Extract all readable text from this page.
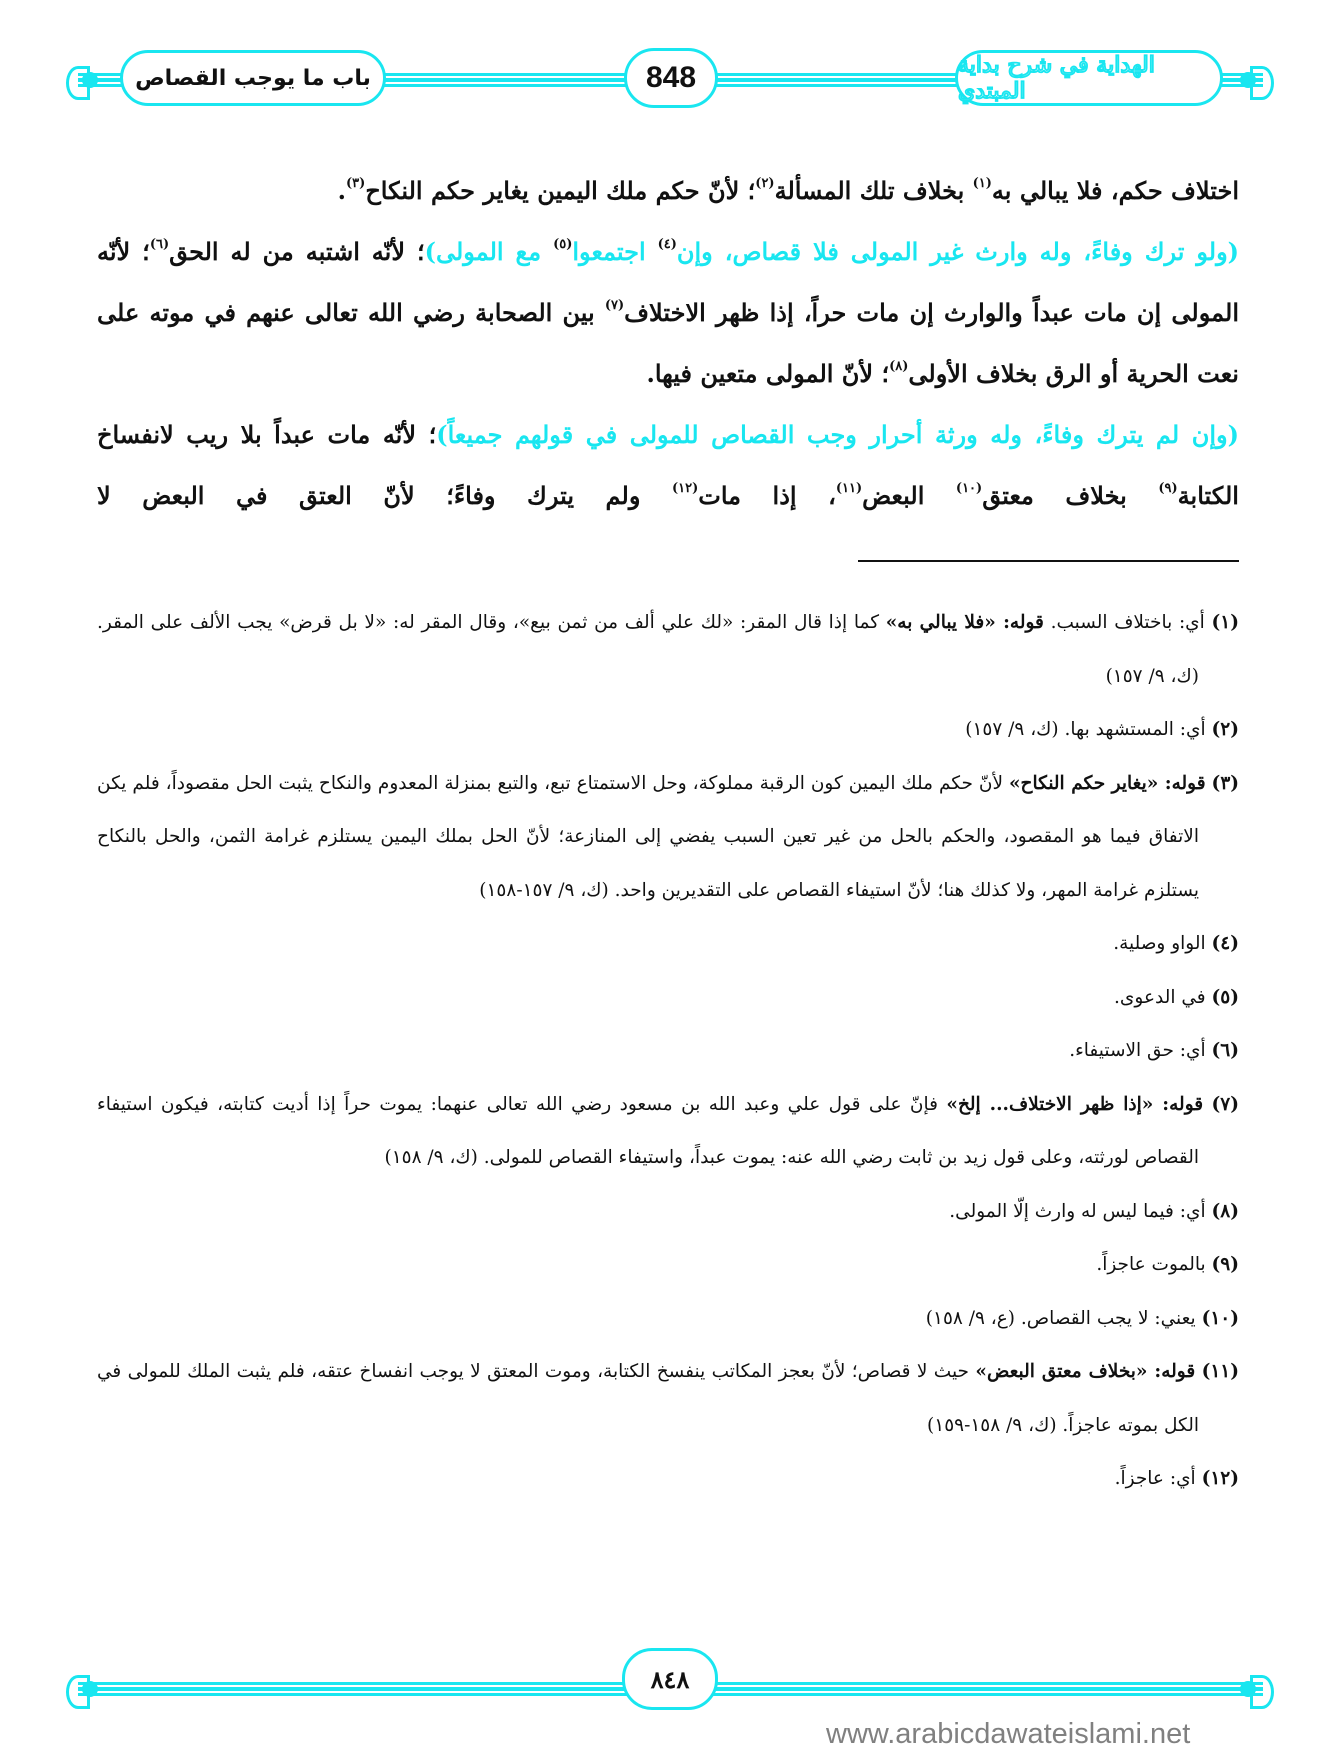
باب ما يوجب القصاص	848	الهداية في شرح بداية المبتدي

اختلاف حكم، فلا يبالي به$^{(١)}$ بخلاف تلك المسألة$^{(٢)}$؛ لأنّ حكم ملك اليمين يغاير حكم النكاح$^{(٣)}$.

(ولو ترك وفاءً، وله وارث غير المولى فلا قصاص، وإن$^{(٤)}$ اجتمعوا$^{(٥)}$ مع المولى)؛ لأنّه اشتبه من له الحق$^{(٦)}$؛ لأنّه المولى إن مات عبداً والوارث إن مات حراً، إذا ظهر الاختلاف$^{(٧)}$ بين الصحابة رضي الله تعالى عنهم في موته على نعت الحرية أو الرق بخلاف الأولى$^{(٨)}$؛ لأنّ المولى متعين فيها.

(وإن لم يترك وفاءً، وله ورثة أحرار وجب القصاص للمولى في قولهم جميعاً)؛ لأنّه مات عبداً بلا ريب لانفساخ الكتابة$^{(٩)}$ بخلاف معتق$^{(١٠)}$ البعض$^{(١١)}$، إذا مات$^{(١٢)}$ ولم يترك وفاءً؛ لأنّ العتق في البعض لا

(١) أي: باختلاف السبب. قوله: «فلا يبالي به» كما إذا قال المقر: «لك علي ألف من ثمن بيع»، وقال المقر له: «لا بل قرض» يجب الألف على المقر. (ك، ٩/ ١٥٧)

(٢) أي: المستشهد بها. (ك، ٩/ ١٥٧)

(٣) قوله: «يغاير حكم النكاح» لأنّ حكم ملك اليمين كون الرقبة مملوكة، وحل الاستمتاع تبع، والتبع بمنزلة المعدوم والنكاح يثبت الحل مقصوداً، فلم يكن الاتفاق فيما هو المقصود، والحكم بالحل من غير تعين السبب يفضي إلى المنازعة؛ لأنّ الحل بملك اليمين يستلزم غرامة الثمن، والحل بالنكاح يستلزم غرامة المهر، ولا كذلك هنا؛ لأنّ استيفاء القصاص على التقديرين واحد. (ك، ٩/ ١٥٧-١٥٨)

(٤) الواو وصلية.

(٥) في الدعوى.

(٦) أي: حق الاستيفاء.

(٧) قوله: «إذا ظهر الاختلاف... إلخ» فإنّ على قول علي وعبد الله بن مسعود رضي الله تعالى عنهما: يموت حراً إذا أديت كتابته، فيكون استيفاء القصاص لورثته، وعلى قول زيد بن ثابت رضي الله عنه: يموت عبداً، واستيفاء القصاص للمولى. (ك، ٩/ ١٥٨)

(٨) أي: فيما ليس له وارث إلّا المولى.

(٩) بالموت عاجزاً.

(١٠) يعني: لا يجب القصاص. (ع، ٩/ ١٥٨)

(١١) قوله: «بخلاف معتق البعض» حيث لا قصاص؛ لأنّ بعجز المكاتب ينفسخ الكتابة، وموت المعتق لا يوجب انفساخ عتقه، فلم يثبت الملك للمولى في الكل بموته عاجزاً. (ك، ٩/ ١٥٨-١٥٩)

(١٢) أي: عاجزاً.

٨٤٨
www.arabicdawateislami.net
